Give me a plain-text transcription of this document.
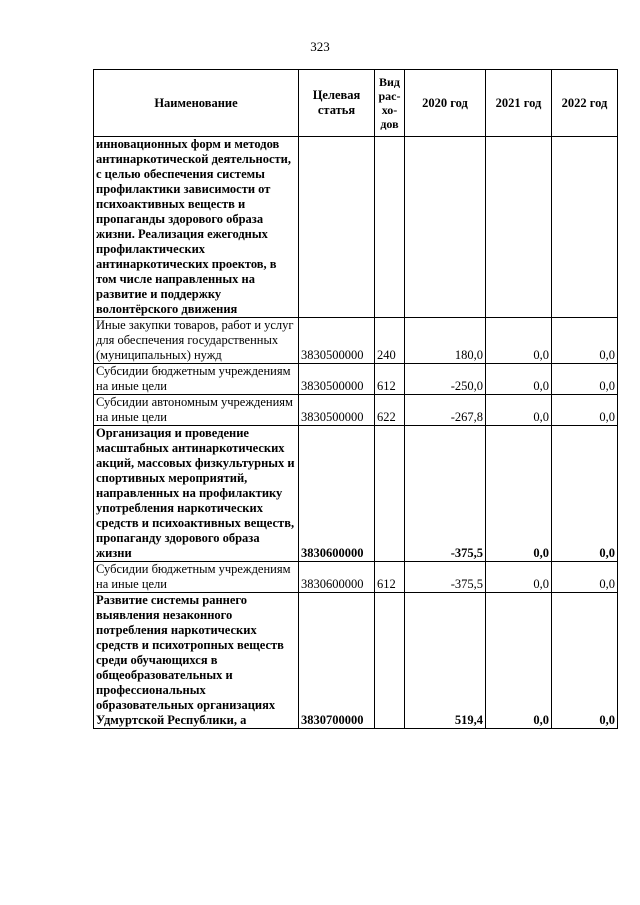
323
Наименование	Целевая статья	Вид рас-хо-дов	2020 год	2021 год	2022 год
инновационных форм и методов антинаркотической деятельности, с целью обеспечения системы профилактики зависимости от психоактивных веществ и пропаганды здорового образа жизни. Реализация ежегодных профилактических антинаркотических проектов, в том числе направленных на развитие и поддержку волонтёрского движения					
Иные закупки товаров, работ и услуг для обеспечения государственных (муниципальных) нужд	3830500000	240	180,0	0,0	0,0
Субсидии бюджетным учреждениям на иные цели	3830500000	612	-250,0	0,0	0,0
Субсидии автономным учреждениям на иные цели	3830500000	622	-267,8	0,0	0,0
Организация и проведение масштабных антинаркотических акций, массовых физкультурных и спортивных мероприятий, направленных на профилактику употребления наркотических средств и психоактивных веществ, пропаганду здорового образа жизни	3830600000		-375,5	0,0	0,0
Субсидии бюджетным учреждениям на иные цели	3830600000	612	-375,5	0,0	0,0
Развитие системы раннего выявления незаконного потребления наркотических средств и психотропных веществ среди обучающихся в общеобразовательных и профессиональных образовательных организациях Удмуртской Республики, а	3830700000		519,4	0,0	0,0
